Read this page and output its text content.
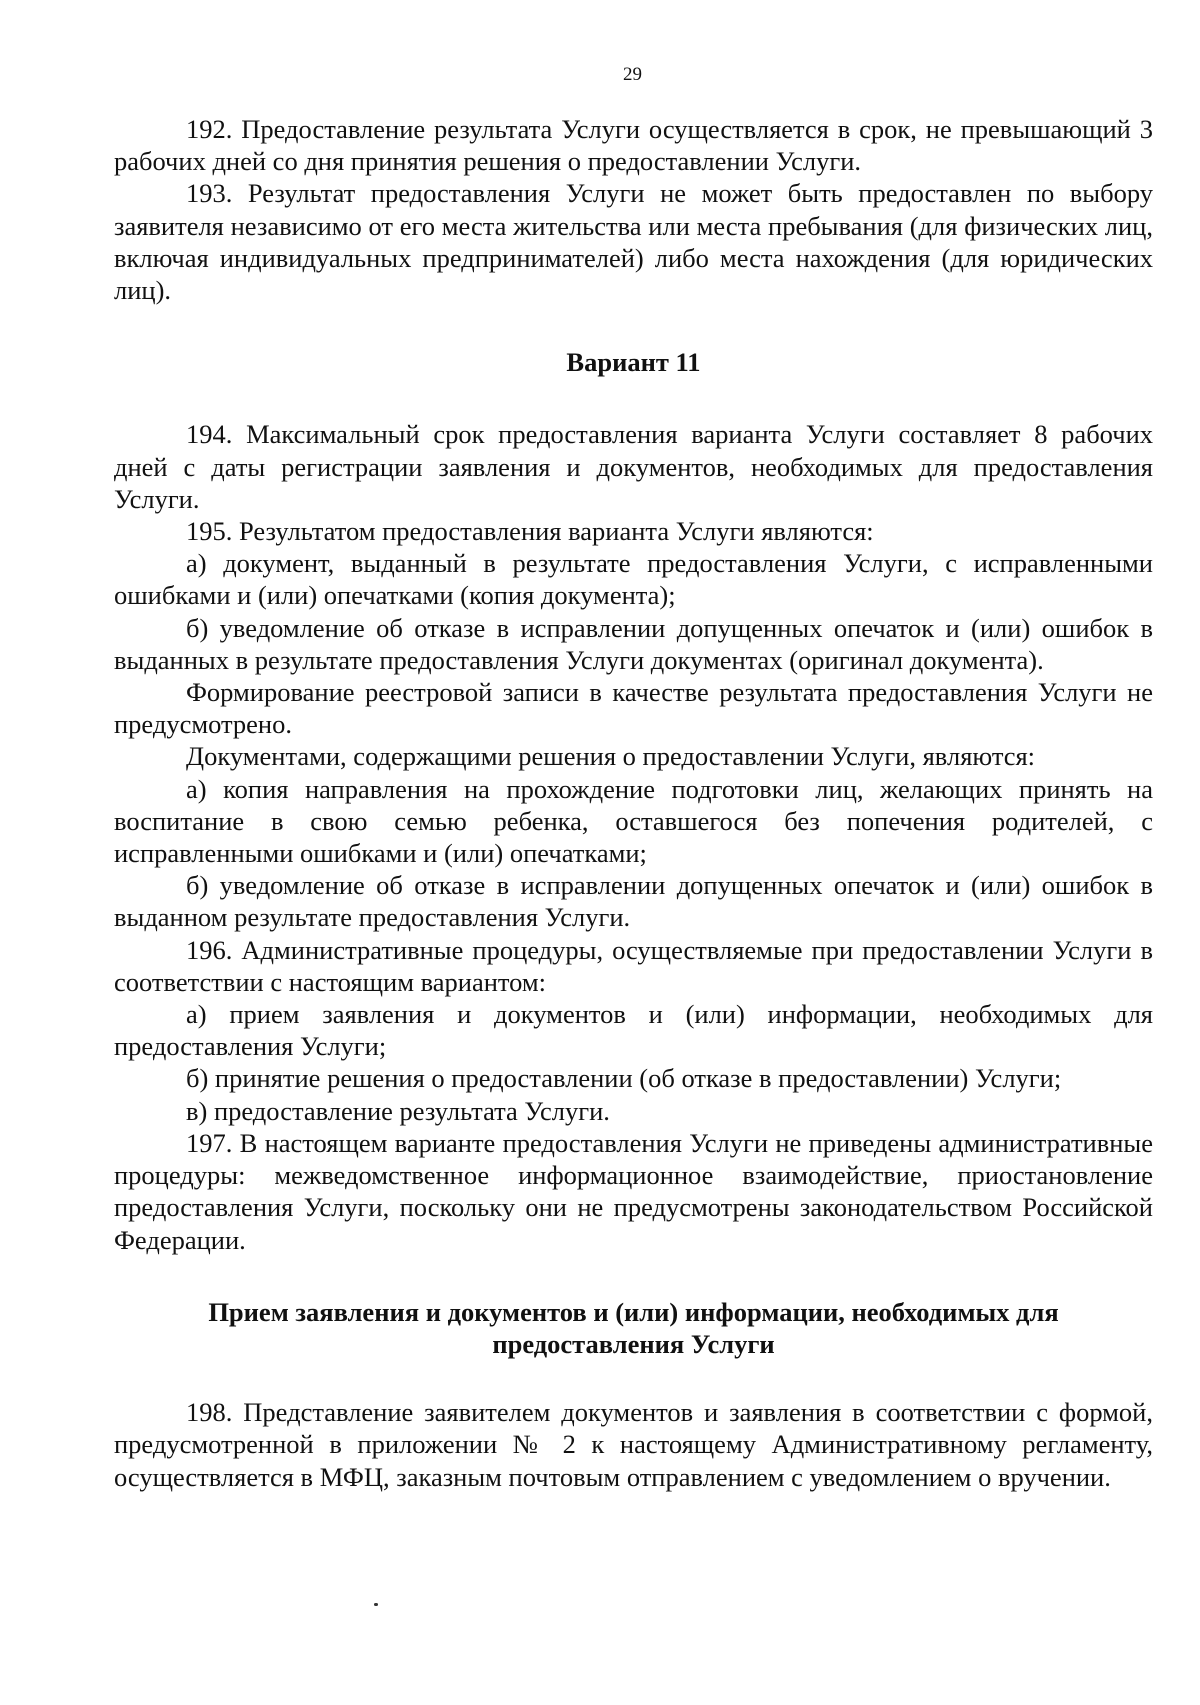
29

192. Предоставление результата Услуги осуществляется в срок, не превышающий 3 рабочих дней со дня принятия решения о предоставлении Услуги.

193. Результат предоставления Услуги не может быть предоставлен по выбору заявителя независимо от его места жительства или места пребывания (для физических лиц, включая индивидуальных предпринимателей) либо места нахождения (для юридических лиц).

Вариант 11

194. Максимальный срок предоставления варианта Услуги составляет 8 рабочих дней с даты регистрации заявления и документов, необходимых для предоставления Услуги.

195. Результатом предоставления варианта Услуги являются:

а) документ, выданный в результате предоставления Услуги, с исправленными ошибками и (или) опечатками (копия документа);

б) уведомление об отказе в исправлении допущенных опечаток и (или) ошибок в выданных в результате предоставления Услуги документах (оригинал документа).

Формирование реестровой записи в качестве результата предоставления Услуги не предусмотрено.

Документами, содержащими решения о предоставлении Услуги, являются:

а) копия направления на прохождение подготовки лиц, желающих принять на воспитание в свою семью ребенка, оставшегося без попечения родителей, с исправленными ошибками и (или) опечатками;

б) уведомление об отказе в исправлении допущенных опечаток и (или) ошибок в выданном результате предоставления Услуги.

196. Административные процедуры, осуществляемые при предоставлении Услуги в соответствии с настоящим вариантом:

а) прием заявления и документов и (или) информации, необходимых для предоставления Услуги;

б) принятие решения о предоставлении (об отказе в предоставлении) Услуги;

в) предоставление результата Услуги.

197. В настоящем варианте предоставления Услуги не приведены административные процедуры: межведомственное информационное взаимодействие, приостановление предоставления Услуги, поскольку они не предусмотрены законодательством Российской Федерации.

Прием заявления и документов и (или) информации, необходимых для предоставления Услуги

198. Представление заявителем документов и заявления в соответствии с формой, предусмотренной в приложении № 2 к настоящему Административному регламенту, осуществляется в МФЦ, заказным почтовым отправлением с уведомлением о вручении.
